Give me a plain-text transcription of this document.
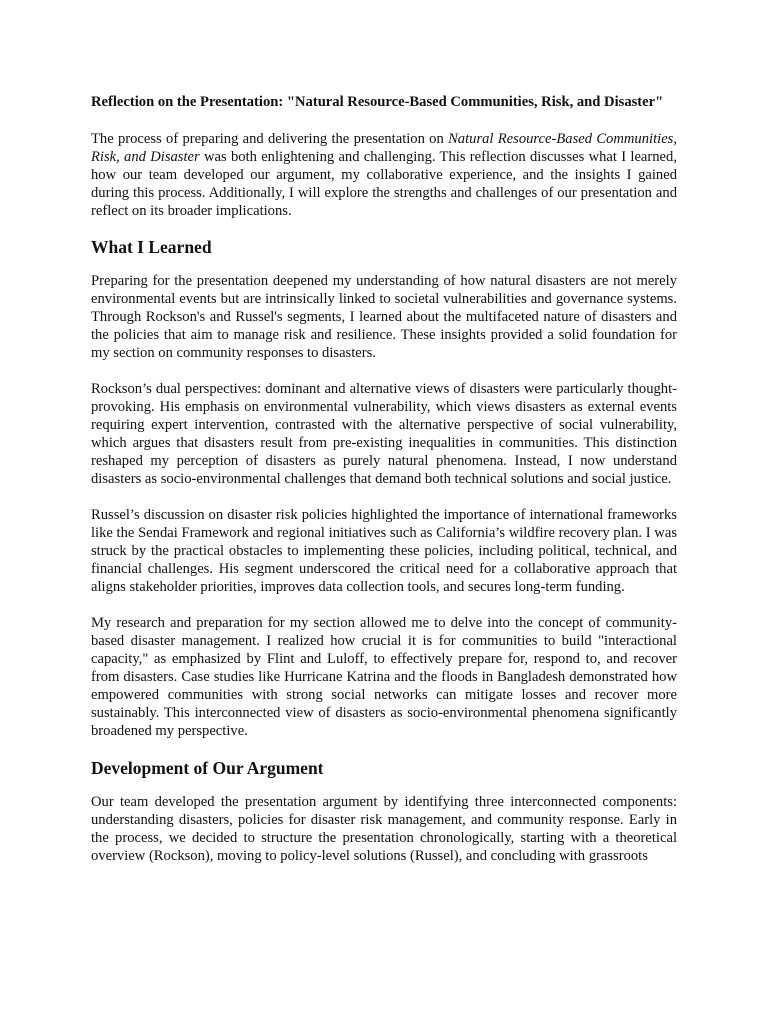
Reflection on the Presentation: "Natural Resource-Based Communities, Risk, and Disaster"

The process of preparing and delivering the presentation on Natural Resource-Based Communities, Risk, and Disaster was both enlightening and challenging. This reflection discusses what I learned, how our team developed our argument, my collaborative experience, and the insights I gained during this process. Additionally, I will explore the strengths and challenges of our presentation and reflect on its broader implications.

What I Learned

Preparing for the presentation deepened my understanding of how natural disasters are not merely environmental events but are intrinsically linked to societal vulnerabilities and governance systems. Through Rockson's and Russel's segments, I learned about the multifaceted nature of disasters and the policies that aim to manage risk and resilience. These insights provided a solid foundation for my section on community responses to disasters.

Rockson’s dual perspectives: dominant and alternative views of disasters were particularly thought-provoking. His emphasis on environmental vulnerability, which views disasters as external events requiring expert intervention, contrasted with the alternative perspective of social vulnerability, which argues that disasters result from pre-existing inequalities in communities. This distinction reshaped my perception of disasters as purely natural phenomena. Instead, I now understand disasters as socio-environmental challenges that demand both technical solutions and social justice.

Russel’s discussion on disaster risk policies highlighted the importance of international frameworks like the Sendai Framework and regional initiatives such as California’s wildfire recovery plan. I was struck by the practical obstacles to implementing these policies, including political, technical, and financial challenges. His segment underscored the critical need for a collaborative approach that aligns stakeholder priorities, improves data collection tools, and secures long-term funding.

My research and preparation for my section allowed me to delve into the concept of community-based disaster management. I realized how crucial it is for communities to build "interactional capacity," as emphasized by Flint and Luloff, to effectively prepare for, respond to, and recover from disasters. Case studies like Hurricane Katrina and the floods in Bangladesh demonstrated how empowered communities with strong social networks can mitigate losses and recover more sustainably. This interconnected view of disasters as socio-environmental phenomena significantly broadened my perspective.

Development of Our Argument

Our team developed the presentation argument by identifying three interconnected components: understanding disasters, policies for disaster risk management, and community response. Early in the process, we decided to structure the presentation chronologically, starting with a theoretical overview (Rockson), moving to policy-level solutions (Russel), and concluding with grassroots
